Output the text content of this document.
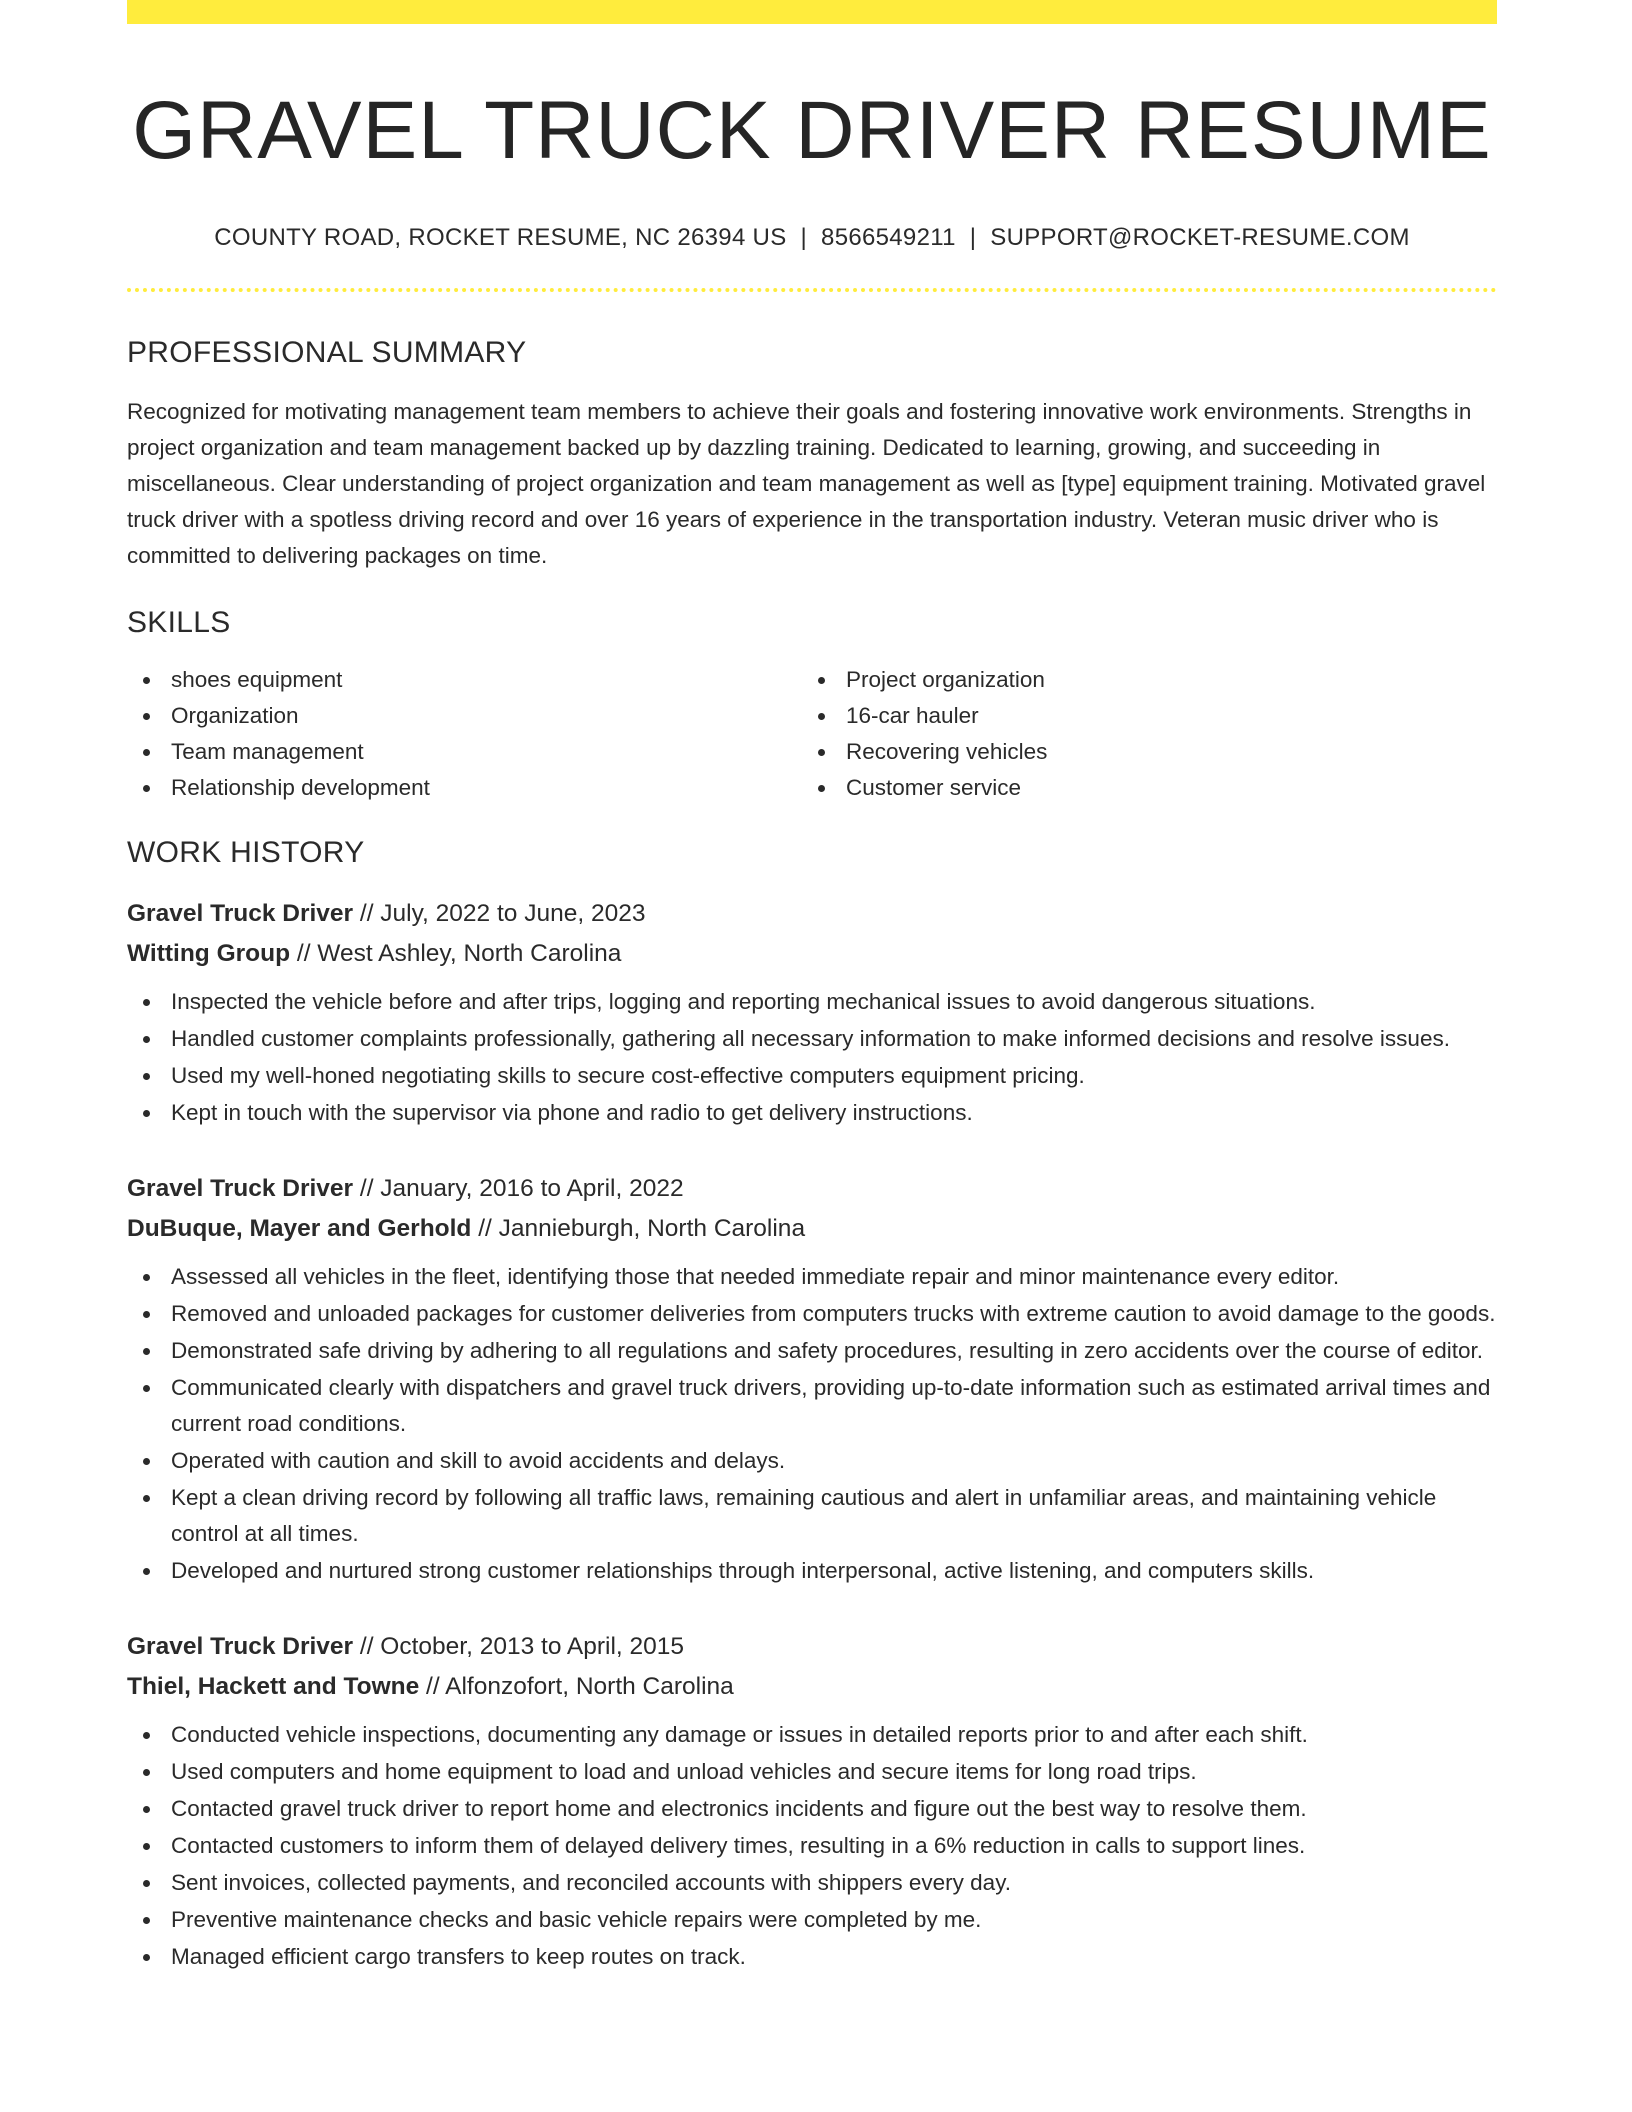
GRAVEL TRUCK DRIVER RESUME
COUNTY ROAD, ROCKET RESUME, NC 26394 US | 8566549211 | SUPPORT@ROCKET-RESUME.COM
PROFESSIONAL SUMMARY

Recognized for motivating management team members to achieve their goals and fostering innovative work environments. Strengths in project organization and team management backed up by dazzling training. Dedicated to learning, growing, and succeeding in miscellaneous. Clear understanding of project organization and team management as well as [type] equipment training. Motivated gravel truck driver with a spotless driving record and over 16 years of experience in the transportation industry. Veteran music driver who is committed to delivering packages on time.

SKILLS
shoes equipment
Organization
Team management
Relationship development
Project organization
16-car hauler
Recovering vehicles
Customer service
WORK HISTORY
Gravel Truck Driver // July, 2022 to June, 2023
Witting Group // West Ashley, North Carolina
Inspected the vehicle before and after trips, logging and reporting mechanical issues to avoid dangerous situations.
Handled customer complaints professionally, gathering all necessary information to make informed decisions and resolve issues.
Used my well-honed negotiating skills to secure cost-effective computers equipment pricing.
Kept in touch with the supervisor via phone and radio to get delivery instructions.
Gravel Truck Driver // January, 2016 to April, 2022
DuBuque, Mayer and Gerhold // Jannieburgh, North Carolina
Assessed all vehicles in the fleet, identifying those that needed immediate repair and minor maintenance every editor.
Removed and unloaded packages for customer deliveries from computers trucks with extreme caution to avoid damage to the goods.
Demonstrated safe driving by adhering to all regulations and safety procedures, resulting in zero accidents over the course of editor.
Communicated clearly with dispatchers and gravel truck drivers, providing up-to-date information such as estimated arrival times and current road conditions.
Operated with caution and skill to avoid accidents and delays.
Kept a clean driving record by following all traffic laws, remaining cautious and alert in unfamiliar areas, and maintaining vehicle control at all times.
Developed and nurtured strong customer relationships through interpersonal, active listening, and computers skills.
Gravel Truck Driver // October, 2013 to April, 2015
Thiel, Hackett and Towne // Alfonzofort, North Carolina
Conducted vehicle inspections, documenting any damage or issues in detailed reports prior to and after each shift.
Used computers and home equipment to load and unload vehicles and secure items for long road trips.
Contacted gravel truck driver to report home and electronics incidents and figure out the best way to resolve them.
Contacted customers to inform them of delayed delivery times, resulting in a 6% reduction in calls to support lines.
Sent invoices, collected payments, and reconciled accounts with shippers every day.
Preventive maintenance checks and basic vehicle repairs were completed by me.
Managed efficient cargo transfers to keep routes on track.
